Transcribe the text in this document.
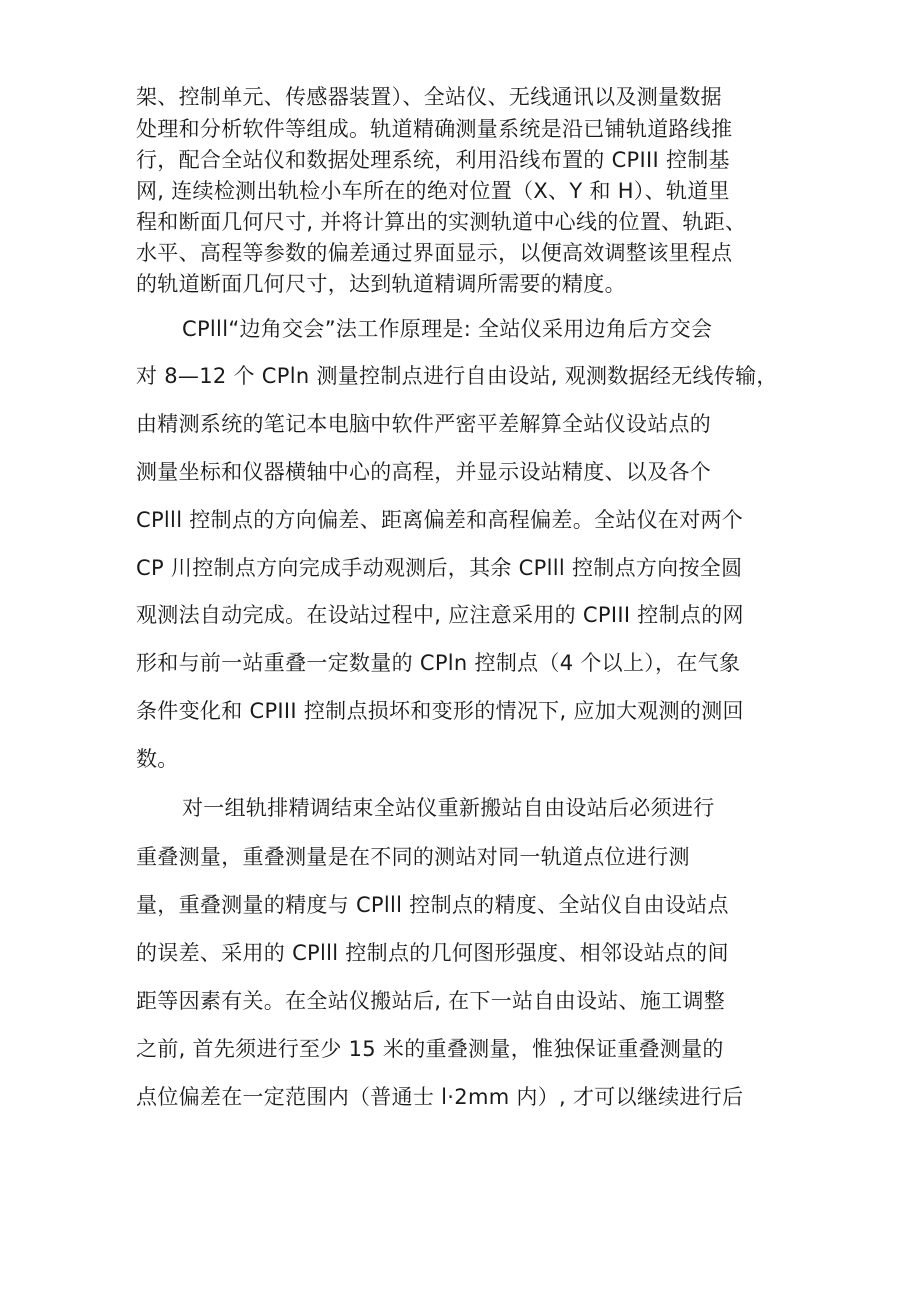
架、控制单元、传感器装置）、全站仪、无线通讯以及测量数据
处理和分析软件等组成。轨道精确测量系统是沿已铺轨道路线推
行，配合全站仪和数据处理系统，利用沿线布置的 CPIII 控制基
网, 连续检测出轨检小车所在的绝对位置（X、Y 和 H）、轨道里
程和断面几何尺寸, 并将计算出的实测轨道中心线的位置、轨距、
水平、高程等参数的偏差通过界面显示，以便高效调整该里程点
的轨道断面几何尺寸，达到轨道精调所需要的精度。
CPlll“边角交会”法工作原理是: 全站仪采用边角后方交会
对 8—12 个 CPln 测量控制点进行自由设站, 观测数据经无线传输，
由精测系统的笔记本电脑中软件严密平差解算全站仪设站点的
测量坐标和仪器横轴中心的高程，并显示设站精度、以及各个
CPlll 控制点的方向偏差、距离偏差和高程偏差。全站仪在对两个
CP 川控制点方向完成手动观测后，其余 CPlll 控制点方向按全圆
观测法自动完成。在设站过程中, 应注意采用的 CPIII 控制点的网
形和与前一站重叠一定数量的 CPln 控制点（4 个以上），在气象
条件变化和 CPIII 控制点损坏和变形的情况下, 应加大观测的测回
数。
对一组轨排精调结束全站仪重新搬站自由设站后必须进行
重叠测量，重叠测量是在不同的测站对同一轨道点位进行测
量，重叠测量的精度与 CPlll 控制点的精度、全站仪自由设站点
的误差、采用的 CPlll 控制点的几何图形强度、相邻设站点的间
距等因素有关。在全站仪搬站后, 在下一站自由设站、施工调整
之前, 首先须进行至少 15 米的重叠测量，惟独保证重叠测量的
点位偏差在一定范围内（普通士 l·2mm 内）, 才可以继续进行后
